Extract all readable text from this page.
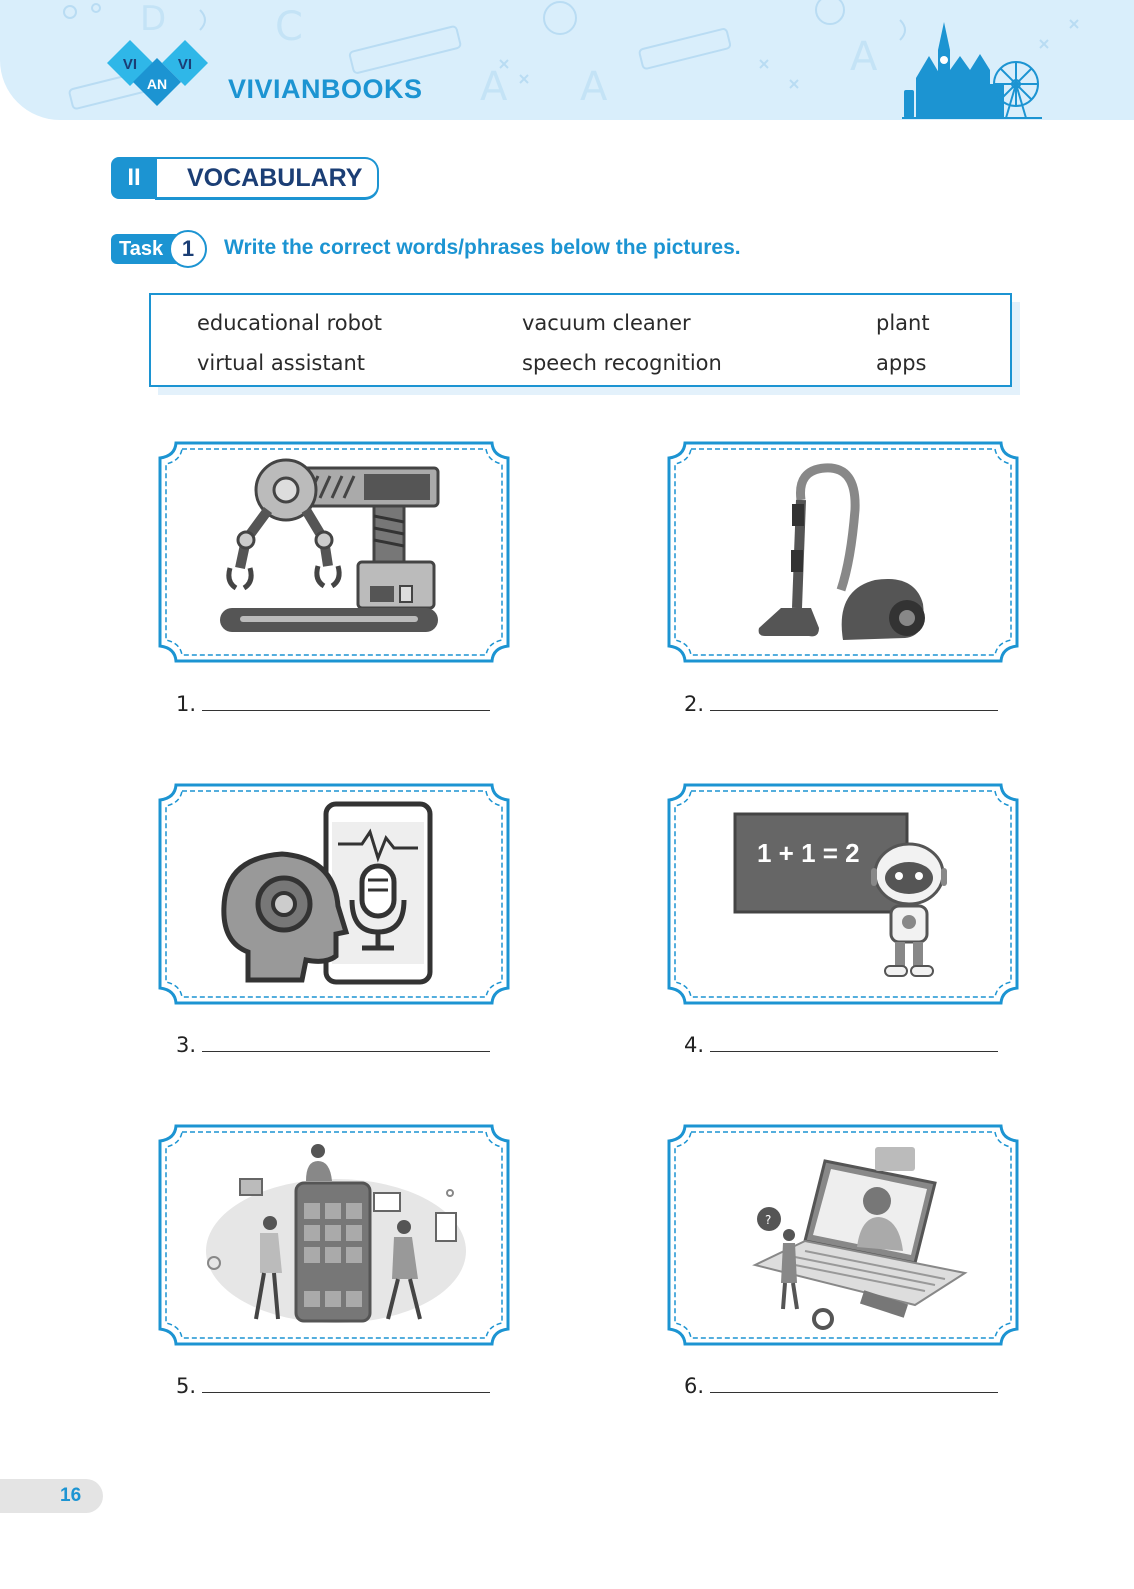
D	C
A A
A
VI	VI
AN VIVIANBOOKS
II	VOCABULARY
Task 1	Write the correct words/phrases below the pictures.
educational robot	vacuum cleaner	plant
virtual assistant	speech recognition	apps
1.	2.
3.
1 + 1 = 2
4.
5.
?
6.
16
